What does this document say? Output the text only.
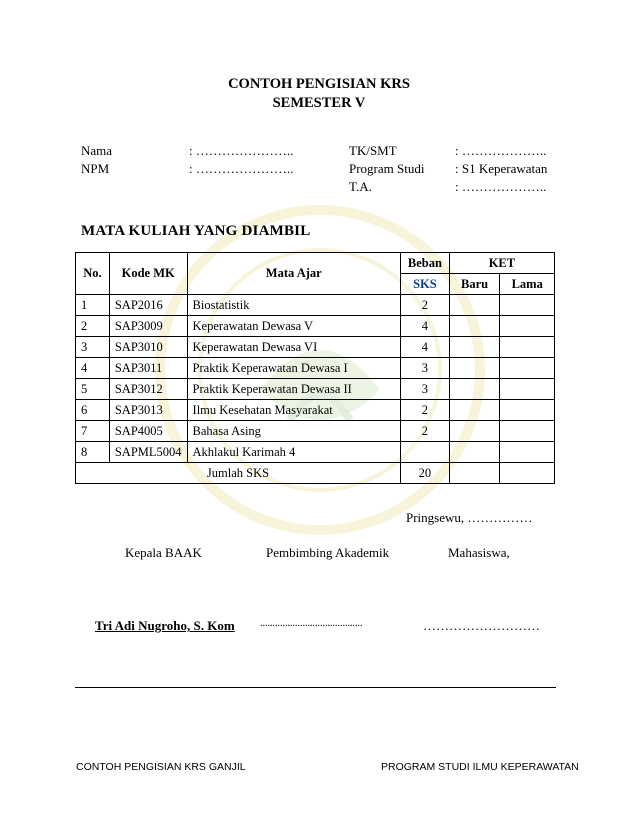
CONTOH PENGISIAN KRS
SEMESTER V
Nama	: …………………..
NPM	: …………………..
TK/SMT	: ………………..
Program Studi : S1 Keperawatan
T.A.	: ………………..
MATA KULIAH YANG DIAMBIL
No.	Kode MK	Mata Ajar	Beban	KET	
			SKS	Baru	Lama
1	SAP2016	Biostatistik	2		
2	SAP3009	Keperawatan Dewasa V	4		
3	SAP3010	Keperawatan Dewasa VI	4		
4	SAP3011	Praktik Keperawatan Dewasa I	3		
5	SAP3012	Praktik Keperawatan Dewasa II	3		
6	SAP3013	Ilmu Kesehatan Masyarakat	2		
7	SAP4005	Bahasa Asing	2		
8	SAPML5004	Akhlakul Karimah 4			
Jumlah SKS			20		
Pringsewu, ……………
Kepala BAAK	Pembimbing Akademik	Mahasiswa,
Tri Adi Nugroho, S. Kom	.........................................	………………………
CONTOH PENGISIAN KRS GANJIL	PROGRAM STUDI ILMU KEPERAWATAN
